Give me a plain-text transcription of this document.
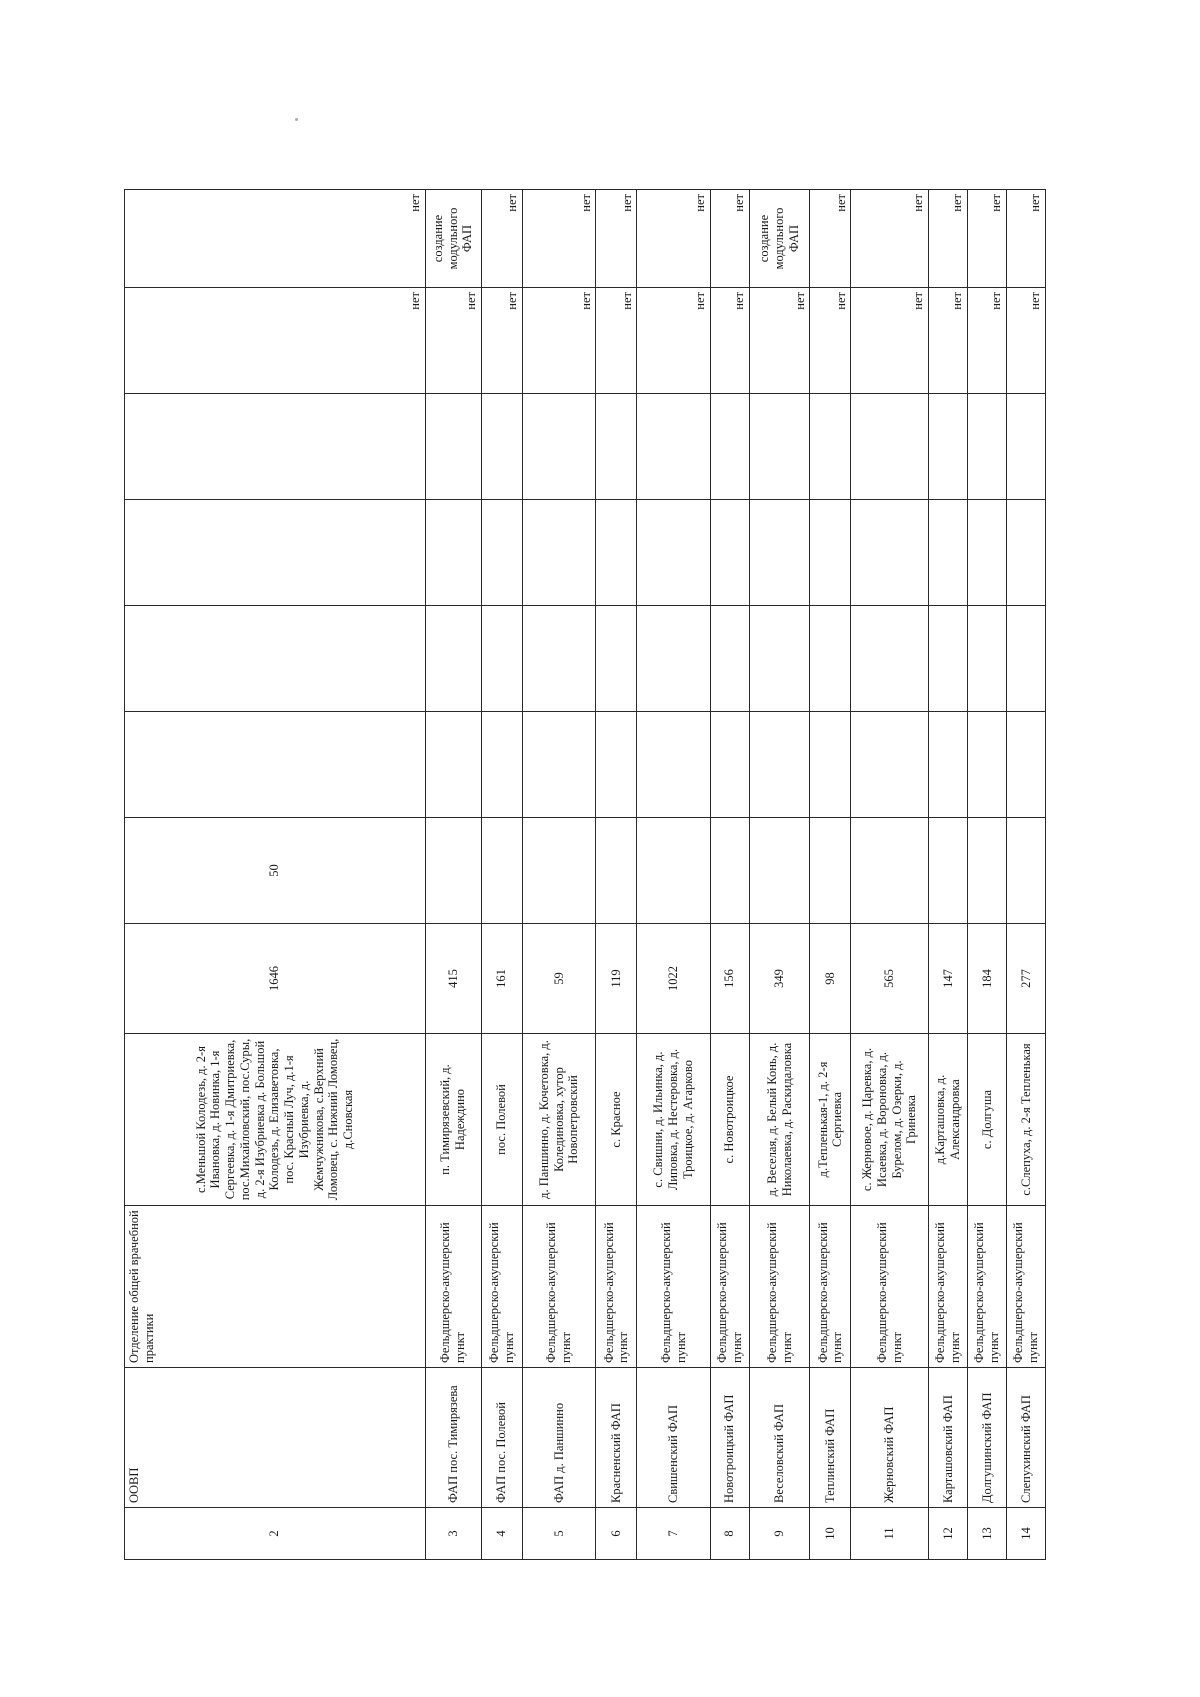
2	ООВП	Отделение общей врачебной практики	с.Меньшой Колодезь, д. 2-я Ивановка, д. Новинка, 1-я Сергеевка, д. 1-я Дмитриевка, пос.Михайловский, пос.Суры, д. 2-я Изубриевка д. Большой Колодезь, д. Елизаветовка, пос. Красный Луч, д.1-я Изубриевка, д. Жемчужникова, с.Верхний Ломовец, с. Нижний Ломовец, д.Сновская	1646	50					нет	нет
3	ФАП пос. Тимирязева	Фельдшерско-акушерский пункт	п. Тимирязевский, д. Надеждино	415						нет	создание модульного ФАП
4	ФАП пос. Полевой	Фельдшерско-акушерский пункт	пос. Полевой	161						нет	нет
5	ФАП д. Паншинно	Фельдшерско-акушерский пункт	д. Паншинно, д. Кочетовка, д. Колединовка, хутор Новопетровский	59						нет	нет
6	Красненский ФАП	Фельдшерско-акушерский пункт	с. Красное	119						нет	нет
7	Свишенский ФАП	Фельдшерско-акушерский пункт	с. Свишни, д. Ильинка, д. Липовка, д. Нестеровка, д. Троицкое, д. Агарково	1022						нет	нет
8	Новотроицкий ФАП	Фельдшерско-акушерский пункт	с. Новотроицкое	156						нет	нет
9	Веселовский ФАП	Фельдшерско-акушерский пункт	д. Веселая, д. Белый Конь, д. Николаевка, д. Раскидаловка	349						нет	создание модульного ФАП
10	Теплинский ФАП	Фельдшерско-акушерский пункт	д.Тепленькая-1, д. 2-я Сергиевка	98						нет	нет
11	Жерновский ФАП	Фельдшерско-акушерский пункт	с. Жерновое, д. Царевка, д. Исаевка, д. Вороновка, д. Бурелом, д. Озерки, д. Гриневка	565						нет	нет
12	Карташовский ФАП	Фельдшерско-акушерский пункт	д.Карташовка, д. Александровка	147						нет	нет
13	Долгушинский ФАП	Фельдшерско-акушерский пункт	с. Долгуша	184						нет	нет
14	Слепухинский ФАП	Фельдшерско-акушерский пункт	с.Слепуха, д. 2-я Тепленькая	277						нет	нет
